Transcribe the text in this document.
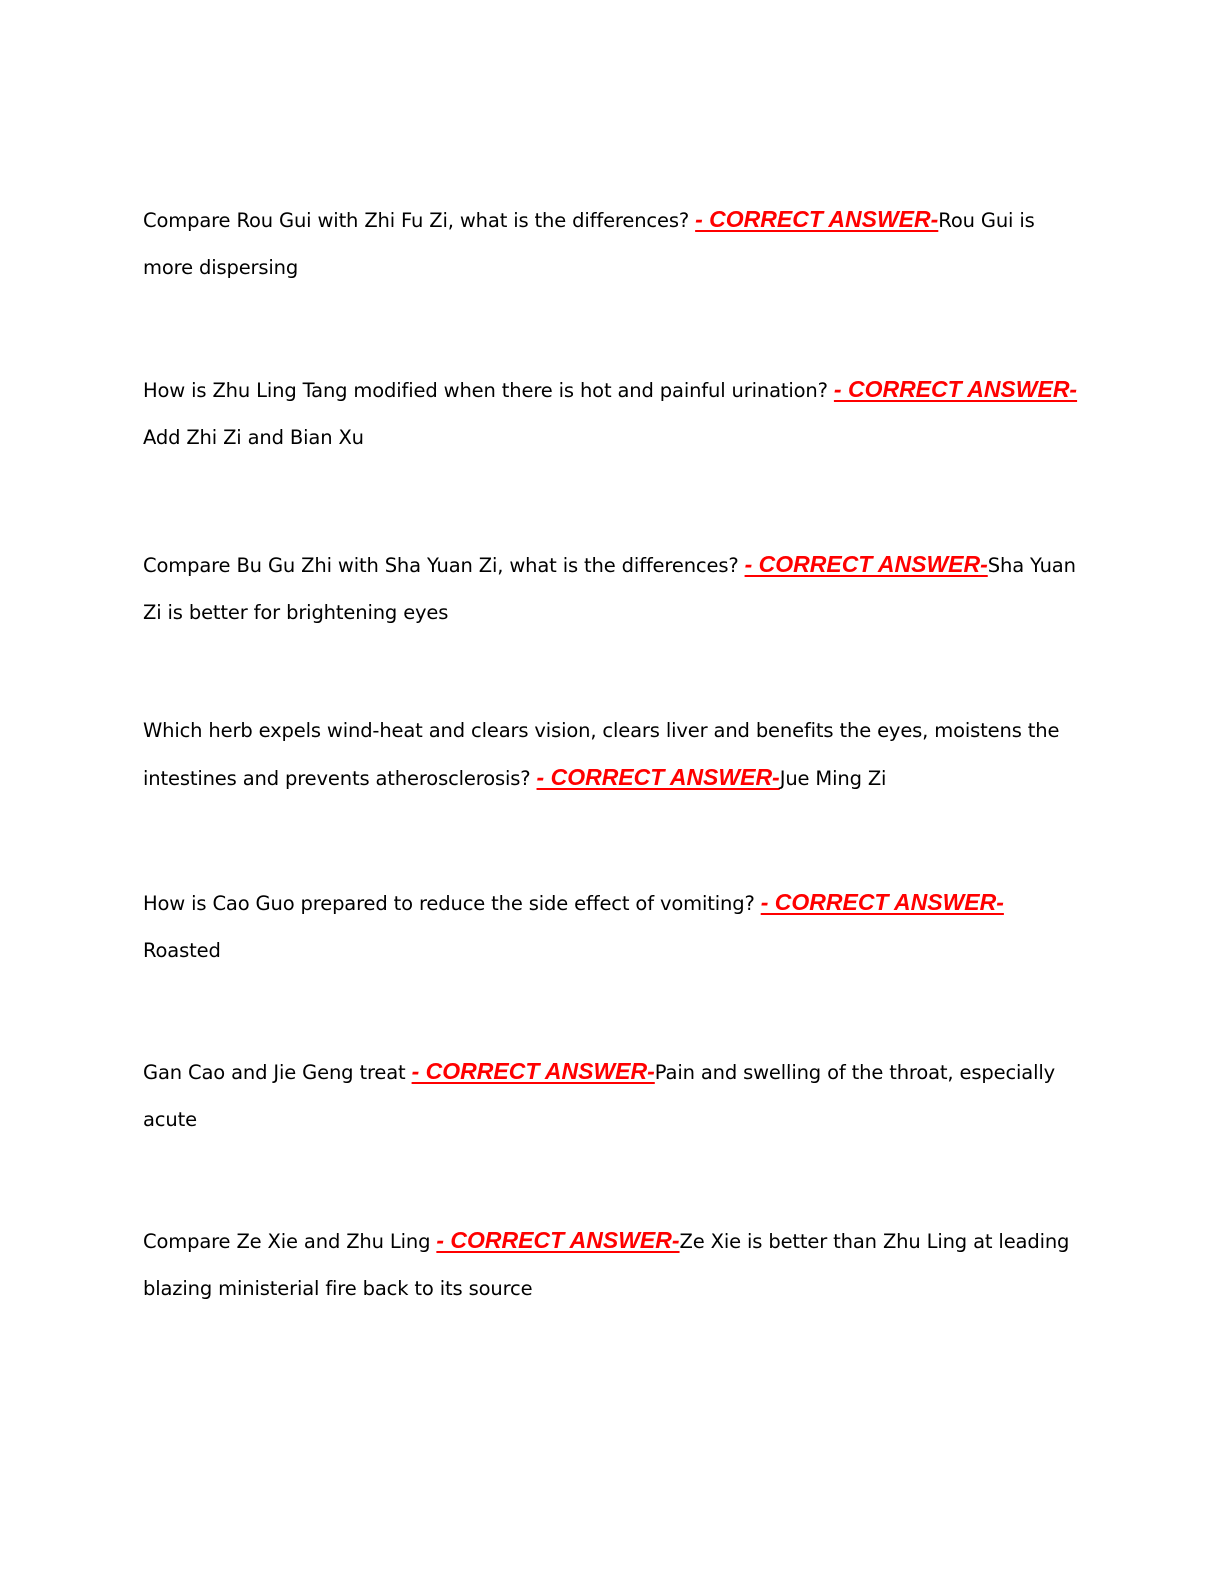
Compare Rou Gui with Zhi Fu Zi, what is the differences? - CORRECT ANSWER-Rou Gui is more dispersing

How is Zhu Ling Tang modified when there is hot and painful urination? - CORRECT ANSWER-Add Zhi Zi and Bian Xu

Compare Bu Gu Zhi with Sha Yuan Zi, what is the differences? - CORRECT ANSWER-Sha Yuan Zi is better for brightening eyes

Which herb expels wind-heat and clears vision, clears liver and benefits the eyes, moistens the intestines and prevents atherosclerosis? - CORRECT ANSWER-Jue Ming Zi

How is Cao Guo prepared to reduce the side effect of vomiting? - CORRECT ANSWER-Roasted

Gan Cao and Jie Geng treat - CORRECT ANSWER-Pain and swelling of the throat, especially acute

Compare Ze Xie and Zhu Ling - CORRECT ANSWER-Ze Xie is better than Zhu Ling at leading blazing ministerial fire back to its source
